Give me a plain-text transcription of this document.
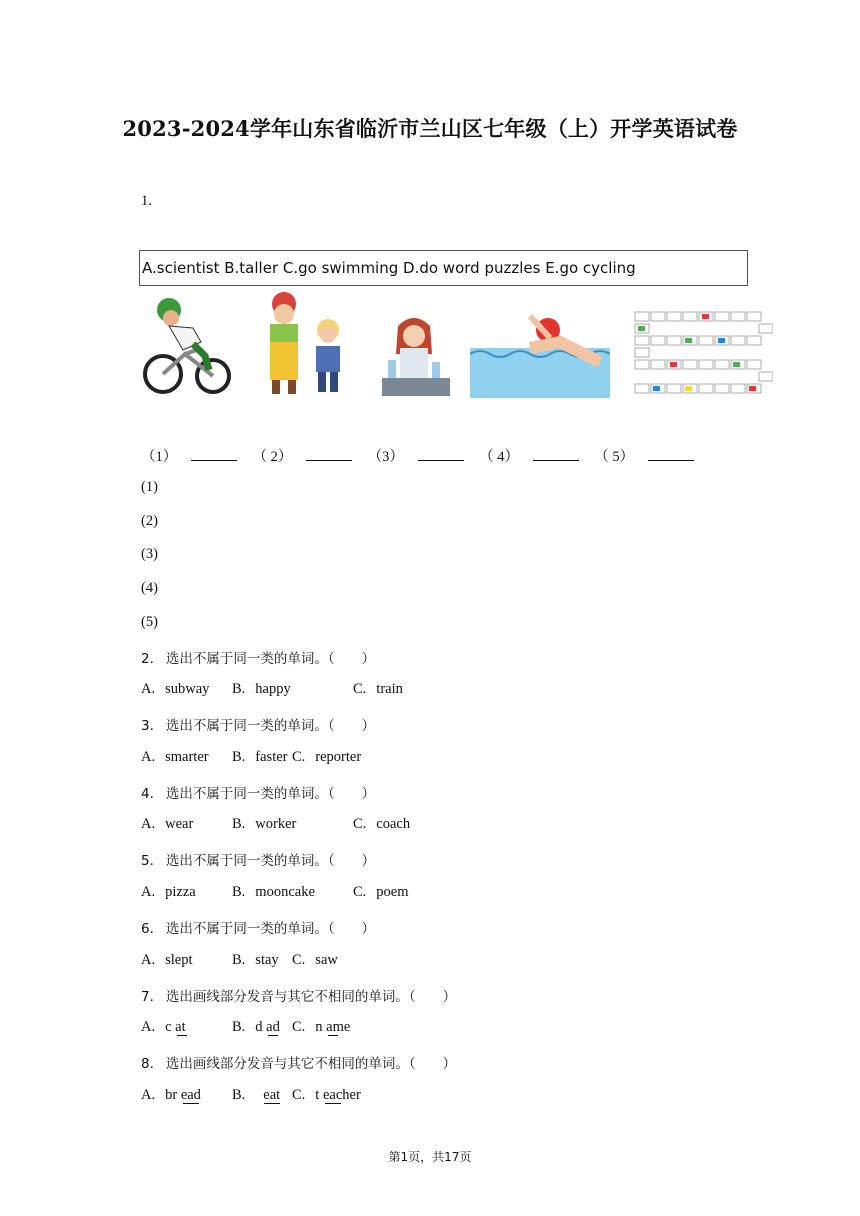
2023-2024学年山东省临沂市兰山区七年级（上）开学英语试卷
1.
A.scientist B.taller C.go swimming D.do word puzzles E.go cycling
（1）	（ 2）	（3）	（ 4）	（ 5）
(1)
(2)
(3)
(4)
(5)
2. 选出不属于同一类的单词。（　　）
A. subway B. happy	C. train
3. 选出不属于同一类的单词。（　　）
A. smarter B. faster C. reporter
4. 选出不属于同一类的单词。（　　）
A. wear	B. worker	C. coach
5. 选出不属于同一类的单词。（　　）
A. pizza	B. mooncake	C. poem
6. 选出不属于同一类的单词。（　　）
A. slept	B. stay C. saw
7. 选出画线部分发音与其它不相同的单词。（　　）
A. c at	B. d ad C. n ame
8. 选出画线部分发音与其它不相同的单词。（　　）
A. br ead B. eat C. t eacher
第1页，共17页
